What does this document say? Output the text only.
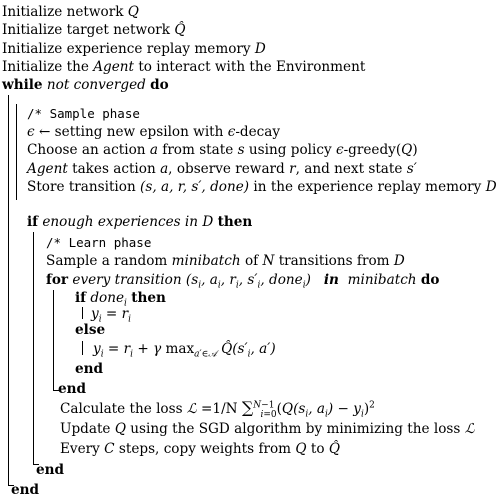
Initialize network Q
Initialize target network Q̂
Initialize experience replay memory D
Initialize the Agent to interact with the Environment
while not converged do
/* Sample phase
ϵ ← setting new epsilon with ϵ-decay
Choose an action a from state s using policy ϵ-greedy(Q)
Agent takes action a, observe reward r, and next state s′
Store transition (s, a, r, s′, done) in the experience replay memory D
if enough experiences in D then
/* Learn phase
Sample a random minibatch of N transitions from D
for every transition ($s_i$, $a_i$, $r_i$, $s'_i$, done$_i$) in minibatch do
if done$_i$ then
$y_i = r_i$
else
$y_i = r_i + \gamma$ $\max_{a'\in 𝒜}$ $Q̂(s'_i$, a′)
end
end
Calculate the loss ℒ =1/N $\sum^{N-1}_{i=0}(Q(s_i$, $a_i) - y_i)^2$
Update Q using the SGD algorithm by minimizing the loss ℒ
Every C steps, copy weights from Q to Q̂
end
end
